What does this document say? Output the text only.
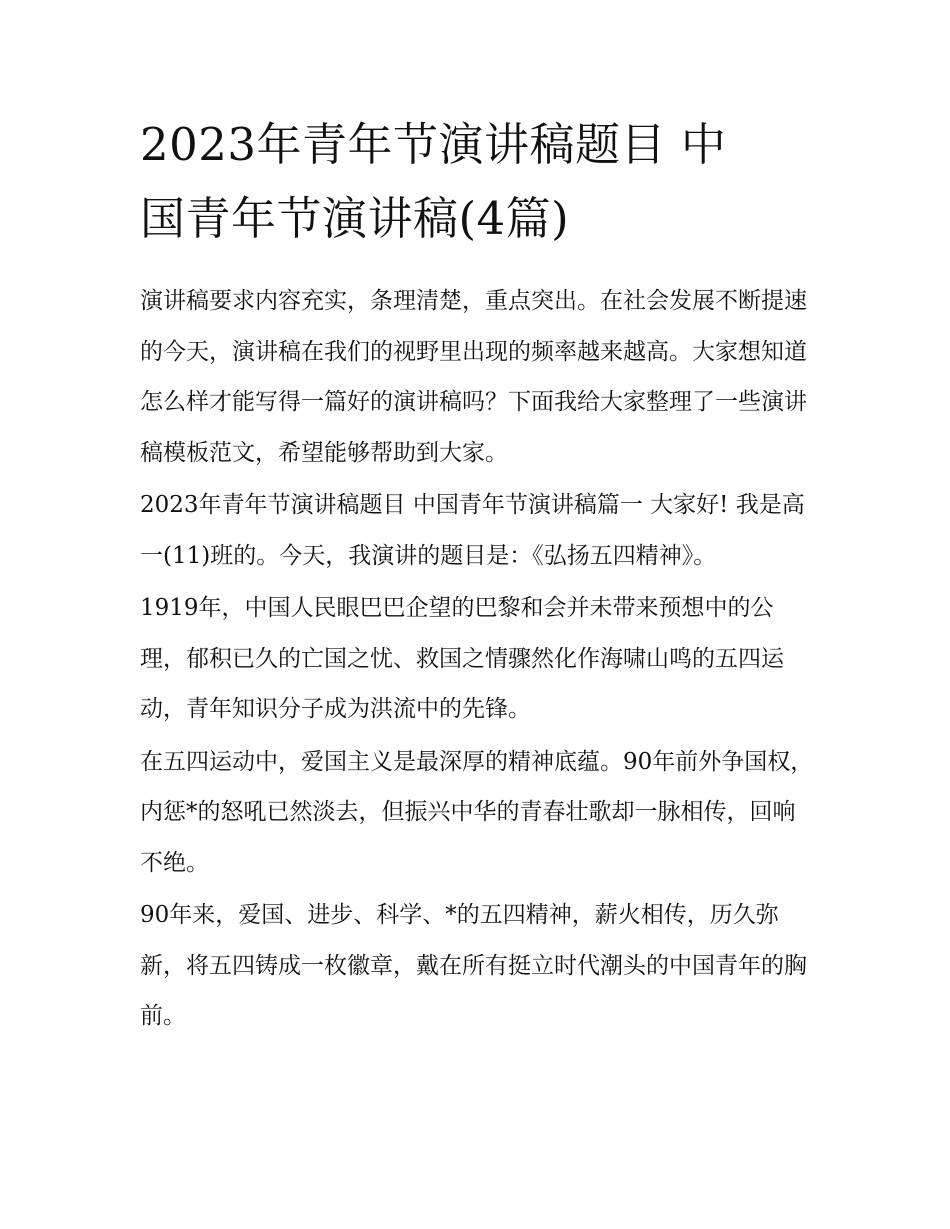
2023年青年节演讲稿题目 中
国青年节演讲稿(4篇)

演讲稿要求内容充实，条理清楚，重点突出。在社会发展不断提速的今天，演讲稿在我们的视野里出现的频率越来越高。大家想知道怎么样才能写得一篇好的演讲稿吗？下面我给大家整理了一些演讲稿模板范文，希望能够帮助到大家。

2023年青年节演讲稿题目 中国青年节演讲稿篇一 大家好! 我是高一(11)班的。今天，我演讲的题目是：《弘扬五四精神》。

1919年，中国人民眼巴巴企望的巴黎和会并未带来预想中的公理，郁积已久的亡国之忧、救国之情骤然化作海啸山鸣的五四运动，青年知识分子成为洪流中的先锋。

在五四运动中，爱国主义是最深厚的精神底蕴。90年前外争国权，内惩*的怒吼已然淡去，但振兴中华的青春壮歌却一脉相传，回响不绝。

90年来，爱国、进步、科学、*的五四精神，薪火相传，历久弥新，将五四铸成一枚徽章，戴在所有挺立时代潮头的中国青年的胸前。
